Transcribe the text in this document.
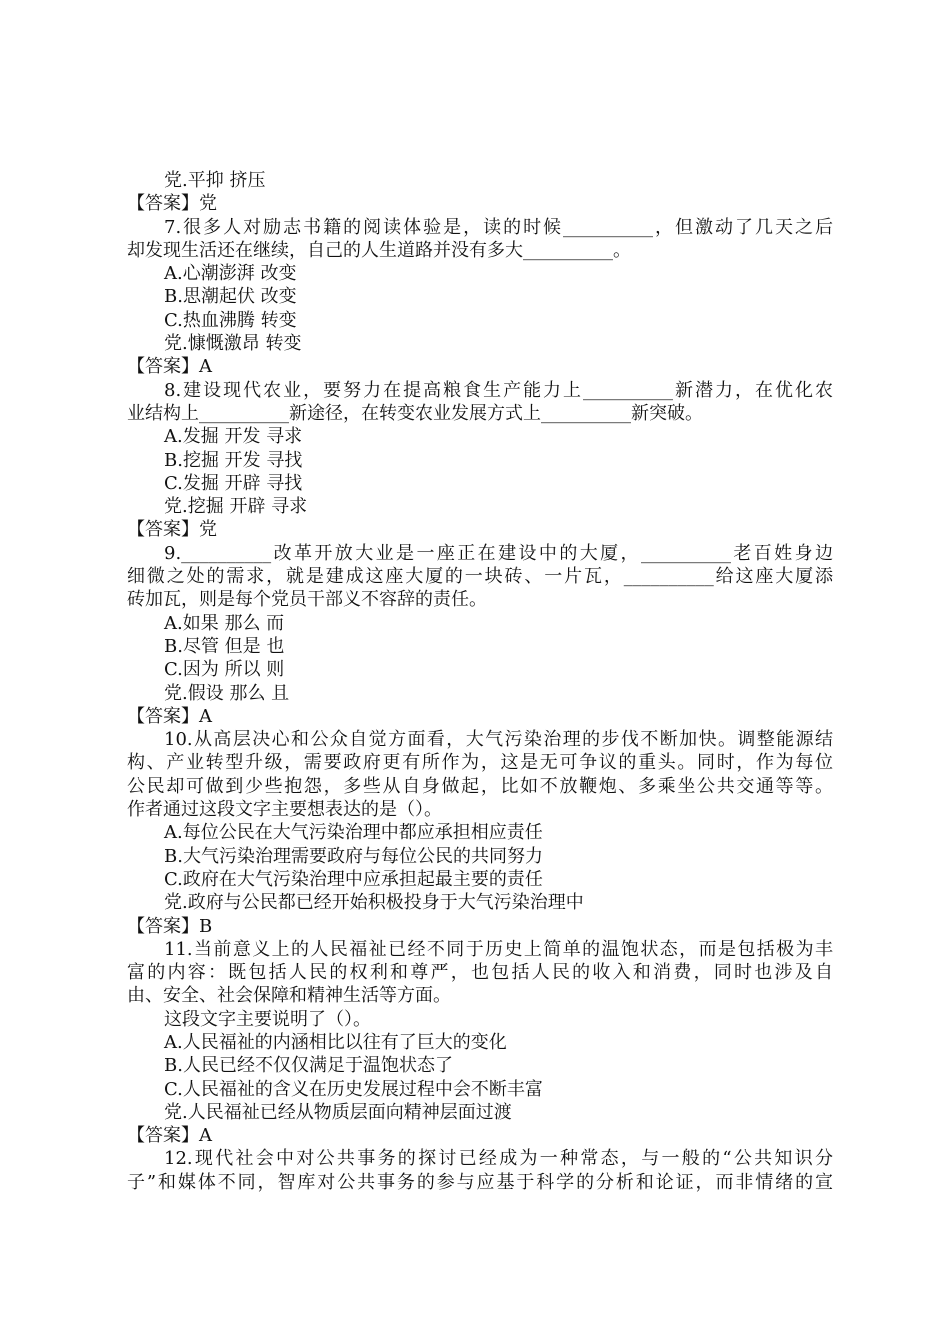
党.平抑 挤压
【答案】党
7.很多人对励志书籍的阅读体验是，读的时候__________，但激动了几天之后
却发现生活还在继续，自己的人生道路并没有多大__________。
A.心潮澎湃 改变
B.思潮起伏 改变
C.热血沸腾 转变
党.慷慨激昂 转变
【答案】A
8.建设现代农业，要努力在提高粮食生产能力上__________新潜力，在优化农
业结构上__________新途径，在转变农业发展方式上__________新突破。
A.发掘 开发 寻求
B.挖掘 开发 寻找
C.发掘 开辟 寻找
党.挖掘 开辟 寻求
【答案】党
9.__________改革开放大业是一座正在建设中的大厦，__________老百姓身边
细微之处的需求，就是建成这座大厦的一块砖、一片瓦，__________给这座大厦添
砖加瓦，则是每个党员干部义不容辞的责任。
A.如果 那么 而
B.尽管 但是 也
C.因为 所以 则
党.假设 那么 且
【答案】A
10.从高层决心和公众自觉方面看，大气污染治理的步伐不断加快。调整能源结
构、产业转型升级，需要政府更有所作为，这是无可争议的重头。同时，作为每位
公民却可做到少些抱怨，多些从自身做起，比如不放鞭炮、多乘坐公共交通等等。
作者通过这段文字主要想表达的是（）。
A.每位公民在大气污染治理中都应承担相应责任
B.大气污染治理需要政府与每位公民的共同努力
C.政府在大气污染治理中应承担起最主要的责任
党.政府与公民都已经开始积极投身于大气污染治理中
【答案】B
11.当前意义上的人民福祉已经不同于历史上简单的温饱状态，而是包括极为丰
富的内容：既包括人民的权利和尊严，也包括人民的收入和消费，同时也涉及自
由、安全、社会保障和精神生活等方面。
这段文字主要说明了（）。
A.人民福祉的内涵相比以往有了巨大的变化
B.人民已经不仅仅满足于温饱状态了
C.人民福祉的含义在历史发展过程中会不断丰富
党.人民福祉已经从物质层面向精神层面过渡
【答案】A
12.现代社会中对公共事务的探讨已经成为一种常态，与一般的“公共知识分
子”和媒体不同，智库对公共事务的参与应基于科学的分析和论证，而非情绪的宣
